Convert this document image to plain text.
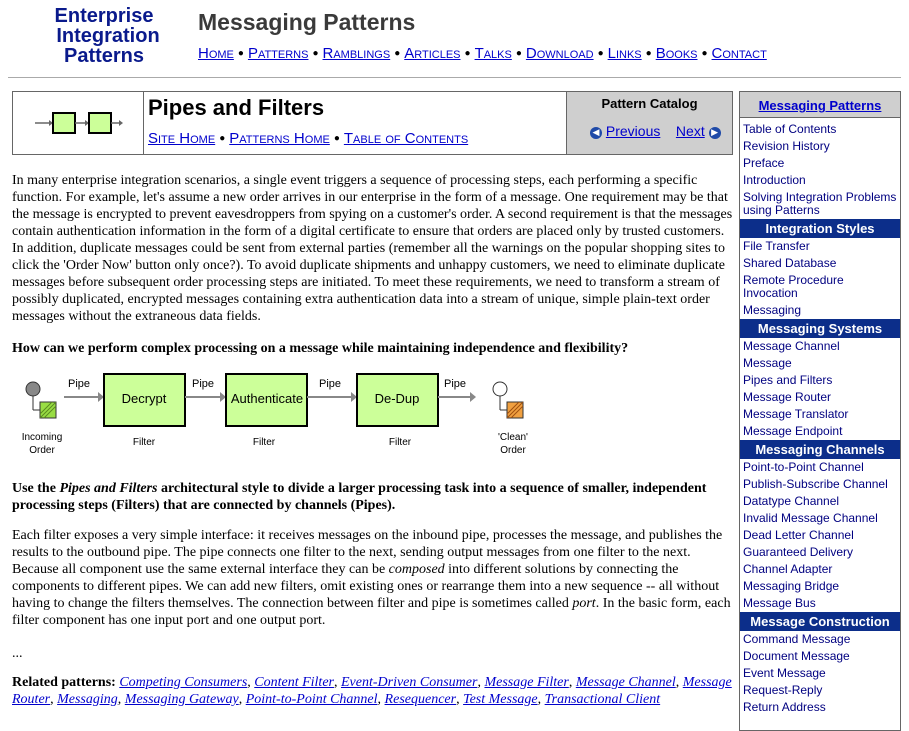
Enterprise
Integration
Patterns
Messaging Patterns
Home ● Patterns ● Ramblings ● Articles ● Talks ● Download ● Links ● Books ● Contact
Pipes and Filters
Site Home ● Patterns Home ● Table of Contents
Pattern Catalog
◀ Previous Next ▶

In many enterprise integration scenarios, a single event triggers a sequence of processing steps, each performing a specific function. For example, let's assume a new order arrives in our enterprise in the form of a message. One requirement may be that the message is encrypted to prevent eavesdroppers from spying on a customer's order. A second requirement is that the messages contain authentication information in the form of a digital certificate to ensure that orders are placed only by trusted customers. In addition, duplicate messages could be sent from external parties (remember all the warnings on the popular shopping sites to click the 'Order Now' button only once?). To avoid duplicate shipments and unhappy customers, we need to eliminate duplicate messages before subsequent order processing steps are initiated. To meet these requirements, we need to transform a stream of possibly duplicated, encrypted messages containing extra authentication data into a stream of unique, simple plain-text order messages without the extraneous data fields.

How can we perform complex processing on a message while maintaining independence and flexibility?

Incoming
Order
Pipe
Decrypt
Filter
Pipe
Authenticate
Filter
Pipe
De-Dup
Filter
Pipe
'Clean'
Order

Use the Pipes and Filters architectural style to divide a larger processing task into a sequence of smaller, independent processing steps (Filters) that are connected by channels (Pipes).

Each filter exposes a very simple interface: it receives messages on the inbound pipe, processes the message, and publishes the results to the outbound pipe. The pipe connects one filter to the next, sending output messages from one filter to the next. Because all component use the same external interface they can be composed into different solutions by connecting the components to different pipes. We can add new filters, omit existing ones or rearrange them into a new sequence -- all without having to change the filters themselves. The connection between filter and pipe is sometimes called port. In the basic form, each filter component has one input port and one output port.

...

Related patterns: Competing Consumers, Content Filter, Event-Driven Consumer, Message Filter, Message Channel, Message Router, Messaging, Messaging Gateway, Point-to-Point Channel, Resequencer, Test Message, Transactional Client

Messaging Patterns
Table of Contents
Revision History
Preface
Introduction
Solving Integration Problems using Patterns
Integration Styles
File Transfer
Shared Database
Remote Procedure Invocation
Messaging
Messaging Systems
Message Channel
Message
Pipes and Filters
Message Router
Message Translator
Message Endpoint
Messaging Channels
Point-to-Point Channel
Publish-Subscribe Channel
Datatype Channel
Invalid Message Channel
Dead Letter Channel
Guaranteed Delivery
Channel Adapter
Messaging Bridge
Message Bus
Message Construction
Command Message
Document Message
Event Message
Request-Reply
Return Address
